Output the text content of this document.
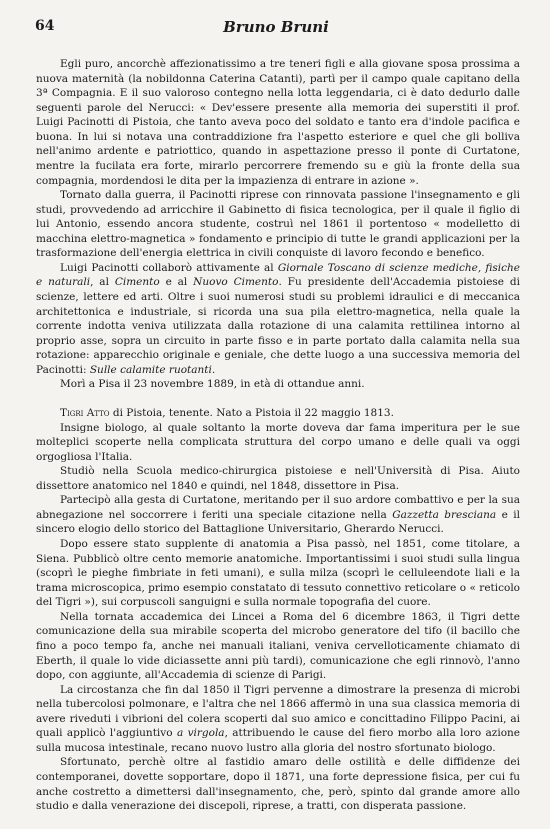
64	Bruno Bruni

Egli puro, ancorchè affezionatissimo a tre teneri figli e alla giovane sposa prossima a nuova maternità (la nobildonna Caterina Catanti), partì per il campo quale capitano della 3ª Compagnia. E il suo valoroso contegno nella lotta leggendaria, ci è dato dedurlo dalle seguenti parole del Nerucci: « Dev'essere presente alla memoria dei superstiti il prof. Luigi Pacinotti di Pistoia, che tanto aveva poco del soldato e tanto era d'indole pacifica e buona. In lui si notava una contraddizione fra l'aspetto esteriore e quel che gli bolliva nell'animo ardente e patriottico, quando in aspettazione presso il ponte di Curtatone, mentre la fucilata era forte, mirarlo percorrere fremendo su e giù la fronte della sua compagnia, mordendosi le dita per la impazienza di entrare in azione ».

Tornato dalla guerra, il Pacinotti riprese con rinnovata passione l'insegnamento e gli studi, provvedendo ad arricchire il Gabinetto di fisica tecnologica, per il quale il figlio di lui Antonio, essendo ancora studente, costruì nel 1861 il portentoso « modelletto di macchina elettro-magnetica » fondamento e principio di tutte le grandi applicazioni per la trasformazione dell'energia elettrica in civili conquiste di lavoro fecondo e benefico.

Luigi Pacinotti collaborò attivamente al Giornale Toscano di scienze mediche, fisiche e naturali, al Cimento e al Nuovo Cimento. Fu presidente dell'Accademia pistoiese di scienze, lettere ed arti. Oltre i suoi numerosi studi su problemi idraulici e di meccanica architettonica e industriale, si ricorda una sua pila elettro-magnetica, nella quale la corrente indotta veniva utilizzata dalla rotazione di una calamita rettilinea intorno al proprio asse, sopra un circuito in parte fisso e in parte portato dalla calamita nella sua rotazione: apparecchio originale e geniale, che dette luogo a una successiva memoria del Pacinotti: Sulle calamite ruotanti.

Morì a Pisa il 23 novembre 1889, in età di ottandue anni.

Tigri Atto di Pistoia, tenente. Nato a Pistoia il 22 maggio 1813.

Insigne biologo, al quale soltanto la morte doveva dar fama imperitura per le sue molteplici scoperte nella complicata struttura del corpo umano e delle quali va oggi orgogliosa l'Italia.

Studiò nella Scuola medico-chirurgica pistoiese e nell'Università di Pisa. Aiuto dissettore anatomico nel 1840 e quindi, nel 1848, dissettore in Pisa.

Partecipò alla gesta di Curtatone, meritando per il suo ardore combattivo e per la sua abnegazione nel soccorrere i feriti una speciale citazione nella Gazzetta bresciana e il sincero elogio dello storico del Battaglione Universitario, Gherardo Nerucci.

Dopo essere stato supplente di anatomia a Pisa passò, nel 1851, come titolare, a Siena. Pubblicò oltre cento memorie anatomiche. Importantissimi i suoi studi sulla lingua (scoprì le pieghe fimbriate in feti umani), e sulla milza (scoprì le celluleendote liali e la trama microscopica, primo esempio constatato di tessuto connettivo reticolare o « reticolo del Tigri »), sui corpuscoli sanguigni e sulla normale topografia del cuore.

Nella tornata accademica dei Lincei a Roma del 6 dicembre 1863, il Tigri dette comunicazione della sua mirabile scoperta del microbo generatore del tifo (il bacillo che fino a poco tempo fa, anche nei manuali italiani, veniva cervelloticamente chiamato di Eberth, il quale lo vide diciassette anni più tardi), comunicazione che egli rinnovò, l'anno dopo, con aggiunte, all'Accademia di scienze di Parigi.

La circostanza che fin dal 1850 il Tigri pervenne a dimostrare la presenza di microbi nella tubercolosi polmonare, e l'altra che nel 1866 affermò in una sua classica memoria di avere riveduti i vibrioni del colera scoperti dal suo amico e concittadino Filippo Pacini, ai quali applicò l'aggiuntivo a virgola, attribuendo le cause del fiero morbo alla loro azione sulla mucosa intestinale, recano nuovo lustro alla gloria del nostro sfortunato biologo.

Sfortunato, perchè oltre al fastidio amaro delle ostilità e delle diffidenze dei contemporanei, dovette sopportare, dopo il 1871, una forte depressione fisica, per cui fu anche costretto a dimettersi dall'insegnamento, che, però, spinto dal grande amore allo studio e dalla venerazione dei discepoli, riprese, a tratti, con disperata passione.
